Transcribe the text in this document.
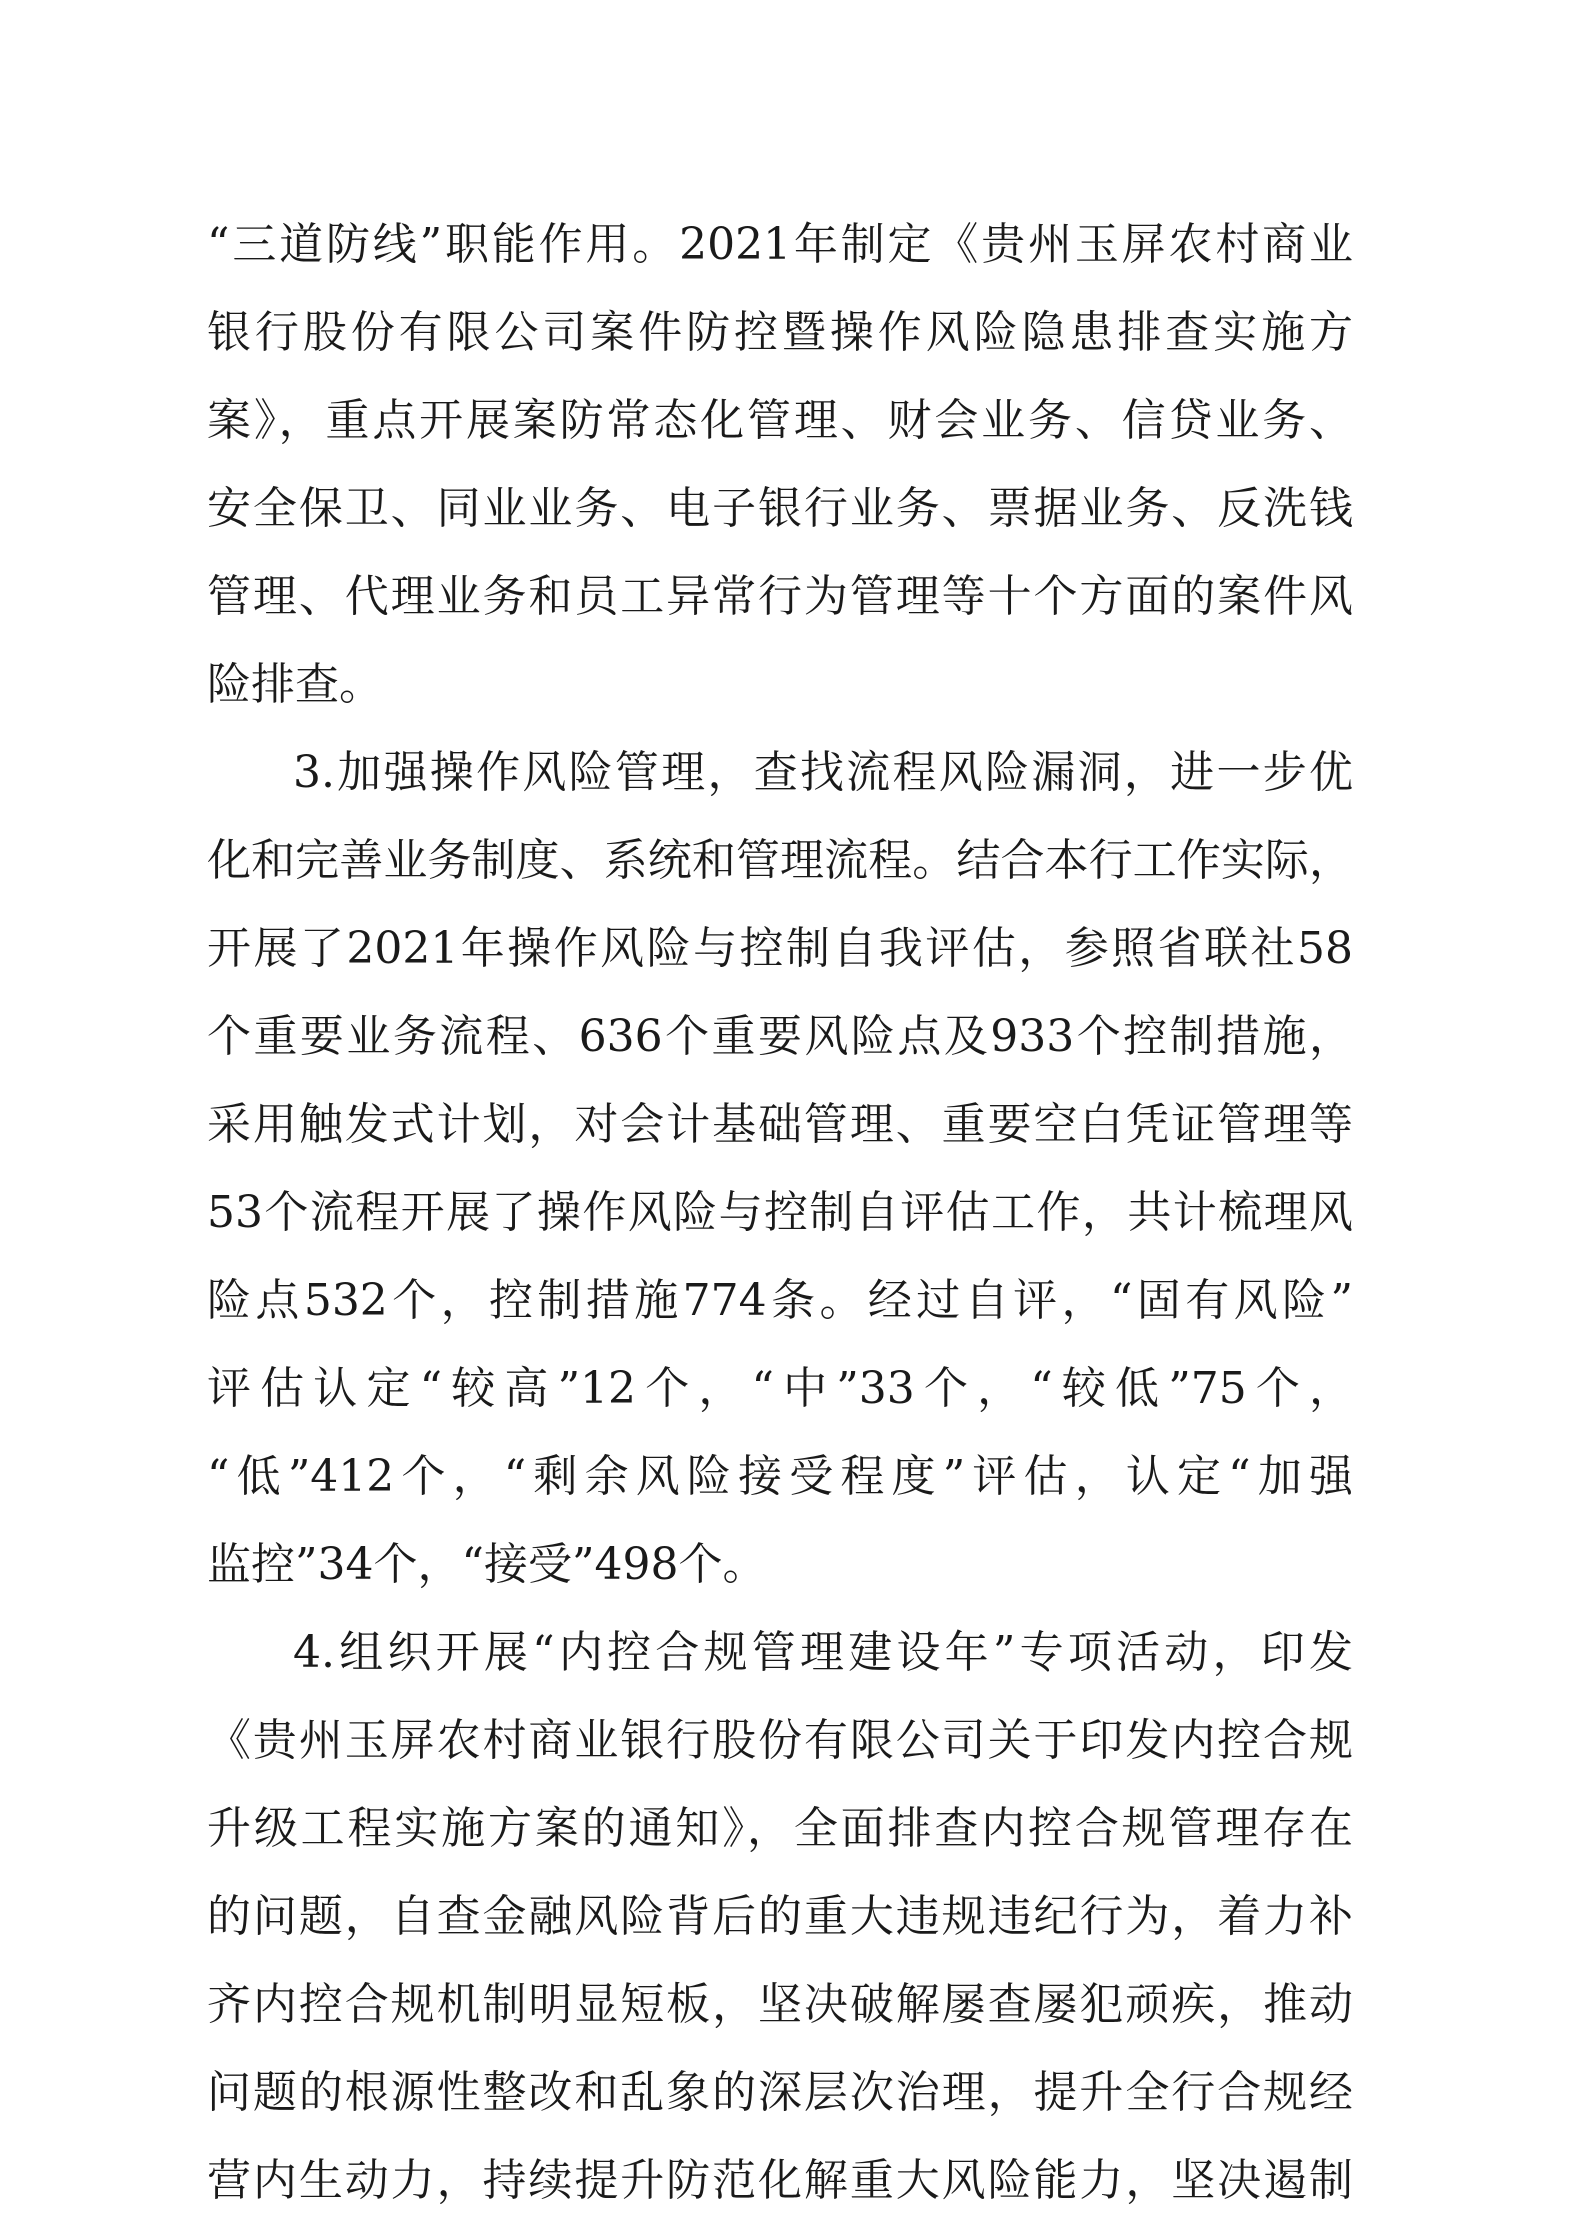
“三道防线”职能作用。2021年制定《贵州玉屏农村商业
银行股份有限公司案件防控暨操作风险隐患排查实施方
案》，重点开展案防常态化管理、财会业务、信贷业务、
安全保卫、同业业务、电子银行业务、票据业务、反洗钱
管理、代理业务和员工异常行为管理等十个方面的案件风
险排查。
3.加强操作风险管理，查找流程风险漏洞，进一步优
化和完善业务制度、系统和管理流程。结合本行工作实际，
开展了2021年操作风险与控制自我评估，参照省联社58
个重要业务流程、636个重要风险点及933个控制措施，
采用触发式计划，对会计基础管理、重要空白凭证管理等
53个流程开展了操作风险与控制自评估工作，共计梳理风
险点532个，控制措施774条。经过自评，“固有风险”
评估认定“较高”12个，“中”33个，“较低”75个，
“低”412个，“剩余风险接受程度”评估，认定“加强
监控”34个，“接受”498个。
4.组织开展“内控合规管理建设年”专项活动，印发
《贵州玉屏农村商业银行股份有限公司关于印发内控合规
升级工程实施方案的通知》，全面排查内控合规管理存在
的问题，自查金融风险背后的重大违规违纪行为，着力补
齐内控合规机制明显短板，坚决破解屡查屡犯顽疾，推动
问题的根源性整改和乱象的深层次治理，提升全行合规经
营内生动力，持续提升防范化解重大风险能力，坚决遏制
